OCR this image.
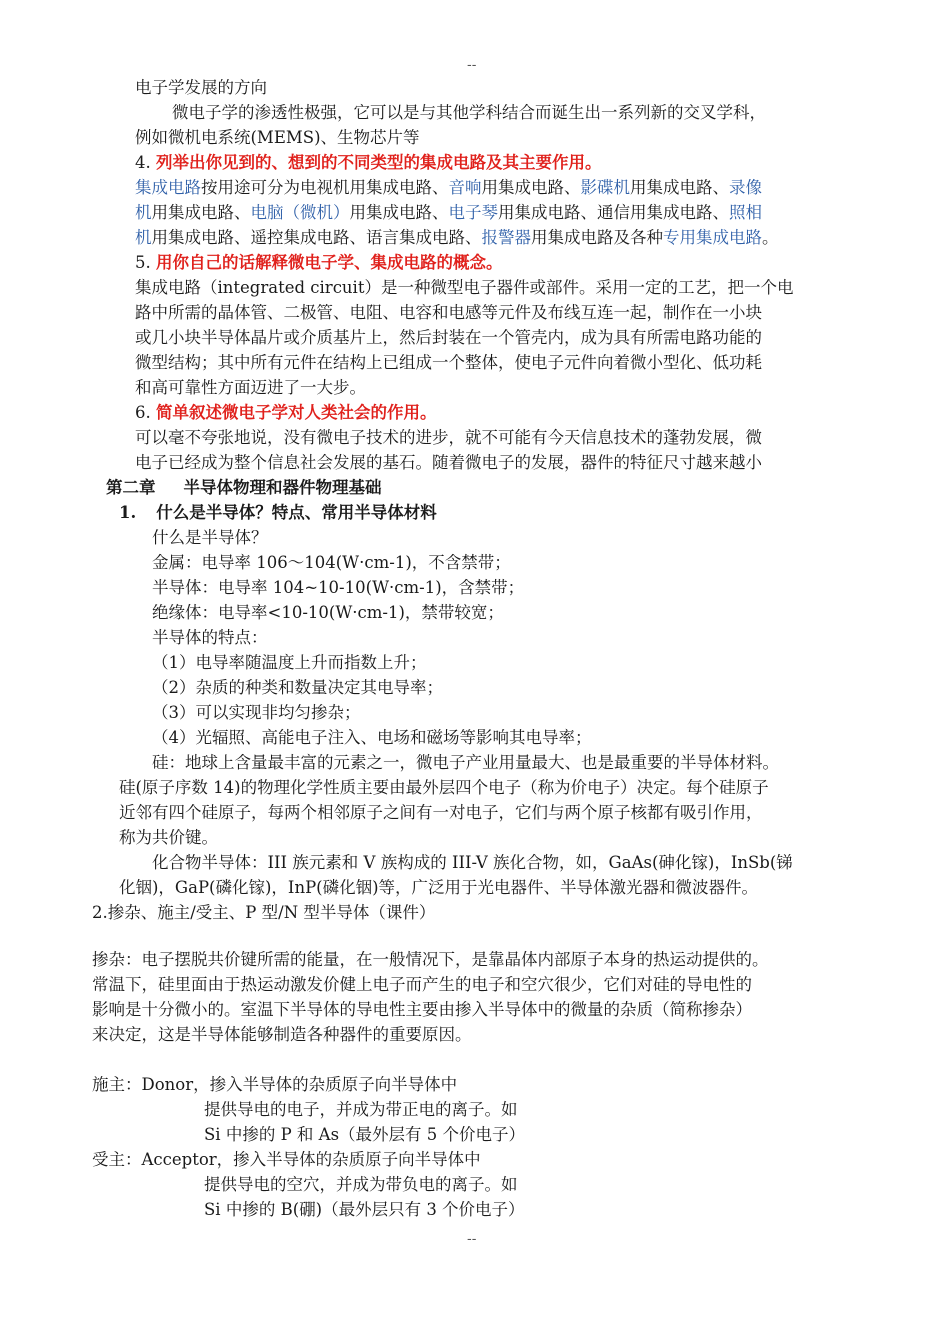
--
电子学发展的方向
微电子学的渗透性极强，它可以是与其他学科结合而诞生出一系列新的交叉学科，
例如微机电系统(MEMS)、生物芯片等
4. 列举出你见到的、想到的不同类型的集成电路及其主要作用。
集成电路按用途可分为电视机用集成电路、音响用集成电路、影碟机用集成电路、录像
机用集成电路、电脑（微机）用集成电路、电子琴用集成电路、通信用集成电路、照相
机用集成电路、遥控集成电路、语言集成电路、报警器用集成电路及各种专用集成电路。
5. 用你自己的话解释微电子学、集成电路的概念。
集成电路（integrated circuit）是一种微型电子器件或部件。采用一定的工艺，把一个电
路中所需的晶体管、二极管、电阻、电容和电感等元件及布线互连一起，制作在一小块
或几小块半导体晶片或介质基片上，然后封装在一个管壳内，成为具有所需电路功能的
微型结构；其中所有元件在结构上已组成一个整体，使电子元件向着微小型化、低功耗
和高可靠性方面迈进了一大步。
6. 简单叙述微电子学对人类社会的作用。
可以毫不夸张地说，没有微电子技术的进步，就不可能有今天信息技术的蓬勃发展，微
电子已经成为整个信息社会发展的基石。随着微电子的发展，器件的特征尺寸越来越小
第二章 半导体物理和器件物理基础
1. 什么是半导体？特点、常用半导体材料
什么是半导体？
金属：电导率 106～104(W·cm-1)，不含禁带；
半导体：电导率 104~10-10(W·cm-1)，含禁带；
绝缘体：电导率<10-10(W·cm-1)，禁带较宽；
半导体的特点：
（1）电导率随温度上升而指数上升；
（2）杂质的种类和数量决定其电导率；
（3）可以实现非均匀掺杂；
（4）光辐照、高能电子注入、电场和磁场等影响其电导率；
硅：地球上含量最丰富的元素之一，微电子产业用量最大、也是最重要的半导体材料。
硅(原子序数 14)的物理化学性质主要由最外层四个电子（称为价电子）决定。每个硅原子
近邻有四个硅原子，每两个相邻原子之间有一对电子，它们与两个原子核都有吸引作用，
称为共价键。
化合物半导体：III 族元素和 V 族构成的 III-V 族化合物，如，GaAs(砷化镓)，InSb(锑
化铟)，GaP(磷化镓)，InP(磷化铟)等，广泛用于光电器件、半导体激光器和微波器件。
2.掺杂、施主/受主、P 型/N 型半导体（课件）
掺杂：电子摆脱共价键所需的能量，在一般情况下，是靠晶体内部原子本身的热运动提供的。
常温下，硅里面由于热运动激发价健上电子而产生的电子和空穴很少，它们对硅的导电性的
影响是十分微小的。室温下半导体的导电性主要由掺入半导体中的微量的杂质（简称掺杂）
来决定，这是半导体能够制造各种器件的重要原因。
施主：Donor，掺入半导体的杂质原子向半导体中
提供导电的电子，并成为带正电的离子。如
Si 中掺的 P 和 As（最外层有 5 个价电子）
受主：Acceptor，掺入半导体的杂质原子向半导体中
提供导电的空穴，并成为带负电的离子。如
Si 中掺的 B(硼)（最外层只有 3 个价电子）
--
